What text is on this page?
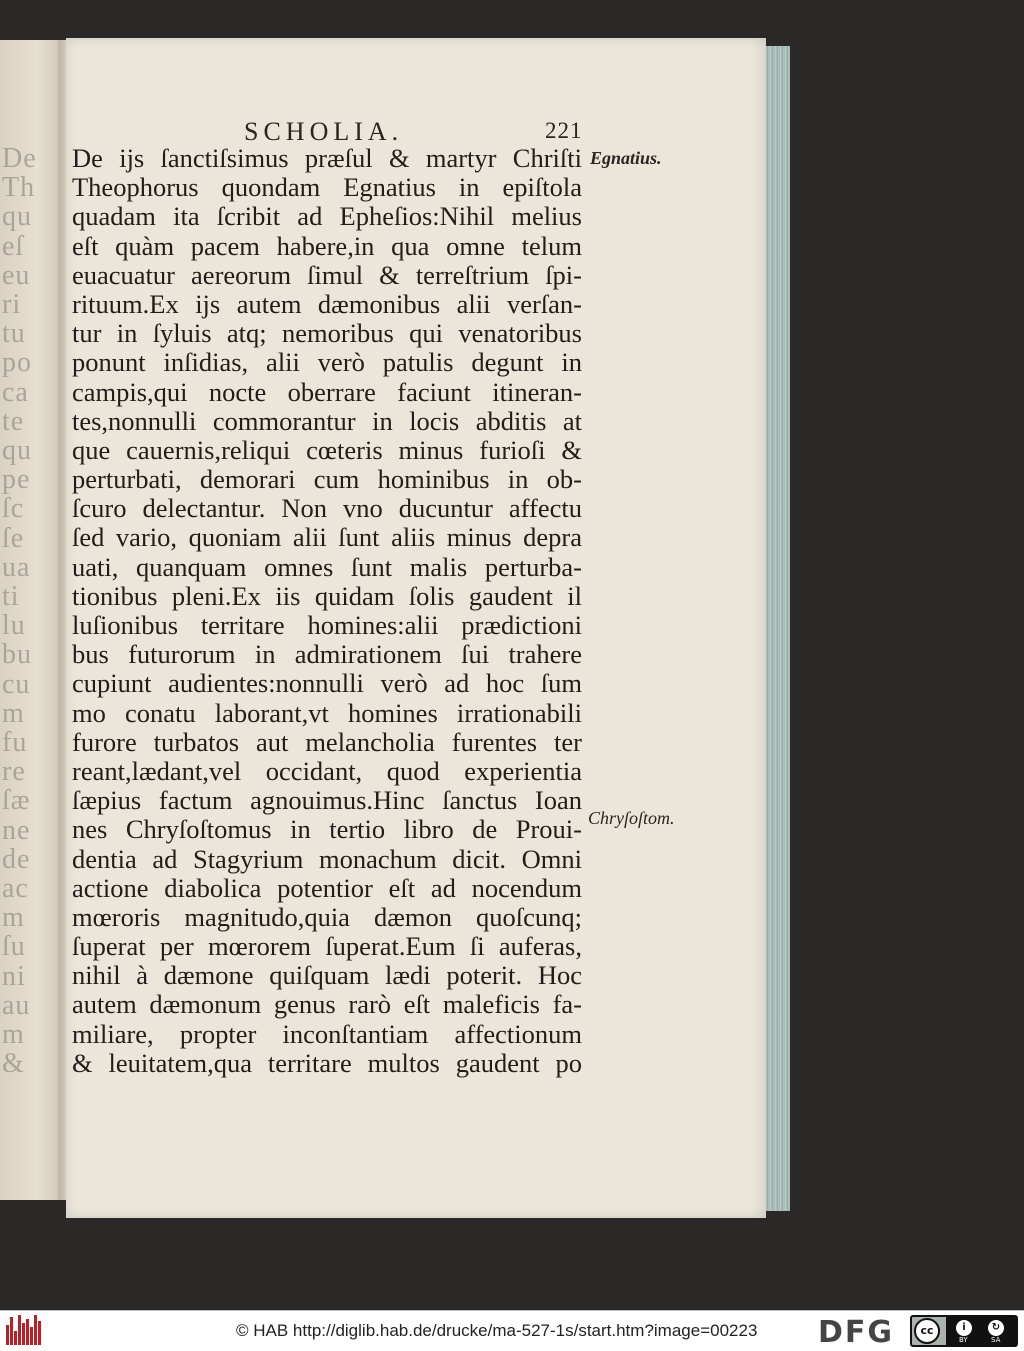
De
Th
qu
eſ
eu
ri
tu
po
ca
te
qu
pe
ſc
ſe
ua
ti
lu
bu
cu
m
fu
re
ſæ
ne
de
ac
m
ſu
ni
au
m
&
SCHOLIA.	221
Egnatius.
Chryſoſtom.
De ijs ſanctiſsimus præſul & martyr Chriſti
Theophorus quondam Egnatius in epiſtola
quadam ita ſcribit ad Epheſios:Nihil melius
eſt quàm pacem habere,in qua omne telum
euacuatur aereorum ſimul & terreſtrium ſpi-
rituum.Ex ijs autem dæmonibus alii verſan-
tur in ſyluis atq; nemoribus qui venatoribus
ponunt inſidias, alii verò patulis degunt in
campis,qui nocte oberrare faciunt itineran-
tes,nonnulli commorantur in locis abditis at
que cauernis,reliqui cœteris minus furioſi &
perturbati, demorari cum hominibus in ob-
ſcuro delectantur. Non vno ducuntur affectu
ſed vario, quoniam alii ſunt aliis minus depra
uati, quanquam omnes ſunt malis perturba-
tionibus pleni.Ex iis quidam ſolis gaudent il
luſionibus territare homines:alii prædictioni
bus futurorum in admirationem ſui trahere
cupiunt audientes:nonnulli verò ad hoc ſum
mo conatu laborant,vt homines irrationabili
furore turbatos aut melancholia furentes ter
reant,lædant,vel occidant, quod experientia
ſæpius factum agnouimus.Hinc ſanctus Ioan
nes Chryſoſtomus in tertio libro de Proui-
dentia ad Stagyrium monachum dicit. Omni
actione diabolica potentior eſt ad nocendum
mœroris magnitudo,quia dæmon quoſcunq;
ſuperat per mœrorem ſuperat.Eum ſi auferas,
nihil à dæmone quiſquam lædi poterit. Hoc
autem dæmonum genus rarò eſt maleficis fa-
miliare, propter inconſtantiam affectionum
& leuitatem,qua territare multos gaudent po
© HAB http://diglib.hab.de/drucke/ma-527-1s/start.htm?image=00223 DFG	cc	i
BY
↻
SA
